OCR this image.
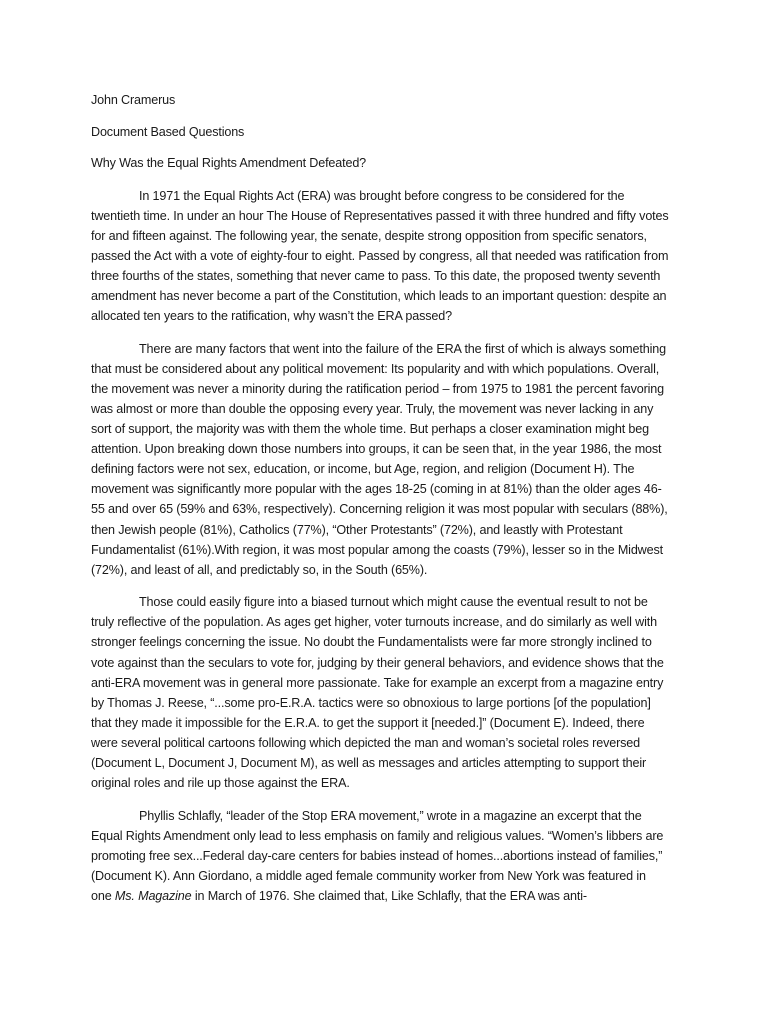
John Cramerus
Document Based Questions
Why Was the Equal Rights Amendment Defeated?

In 1971 the Equal Rights Act (ERA) was brought before congress to be considered for the twentieth time. In under an hour The House of Representatives passed it with three hundred and fifty votes for and fifteen against. The following year, the senate, despite strong opposition from specific senators, passed the Act with a vote of eighty-four to eight. Passed by congress, all that needed was ratification from three fourths of the states, something that never came to pass. To this date, the proposed twenty seventh amendment has never become a part of the Constitution, which leads to an important question: despite an allocated ten years to the ratification, why wasn’t the ERA passed?

There are many factors that went into the failure of the ERA the first of which is always something that must be considered about any political movement: Its popularity and with which populations. Overall, the movement was never a minority during the ratification period – from 1975 to 1981 the percent favoring was almost or more than double the opposing every year. Truly, the movement was never lacking in any sort of support, the majority was with them the whole time. But perhaps a closer examination might beg attention. Upon breaking down those numbers into groups, it can be seen that, in the year 1986, the most defining factors were not sex, education, or income, but Age, region, and religion (Document H). The movement was significantly more popular with the ages 18-25 (coming in at 81%) than the older ages 46-55 and over 65 (59% and 63%, respectively). Concerning religion it was most popular with seculars (88%), then Jewish people (81%), Catholics (77%), “Other Protestants” (72%), and leastly with Protestant Fundamentalist (61%).With region, it was most popular among the coasts (79%), lesser so in the Midwest (72%), and least of all, and predictably so, in the South (65%).

Those could easily figure into a biased turnout which might cause the eventual result to not be truly reflective of the population. As ages get higher, voter turnouts increase, and do similarly as well with stronger feelings concerning the issue. No doubt the Fundamentalists were far more strongly inclined to vote against than the seculars to vote for, judging by their general behaviors, and evidence shows that the anti-ERA movement was in general more passionate. Take for example an excerpt from a magazine entry by Thomas J. Reese, “...some pro-E.R.A. tactics were so obnoxious to large portions [of the population] that they made it impossible for the E.R.A. to get the support it [needed.]” (Document E). Indeed, there were several political cartoons following which depicted the man and woman’s societal roles reversed (Document L, Document J, Document M), as well as messages and articles attempting to support their original roles and rile up those against the ERA.

Phyllis Schlafly, “leader of the Stop ERA movement,” wrote in a magazine an excerpt that the Equal Rights Amendment only lead to less emphasis on family and religious values. “Women’s libbers are promoting free sex...Federal day-care centers for babies instead of homes...abortions instead of families,” (Document K). Ann Giordano, a middle aged female community worker from New York was featured in one Ms. Magazine in March of 1976. She claimed that, Like Schlafly, that the ERA was anti-
